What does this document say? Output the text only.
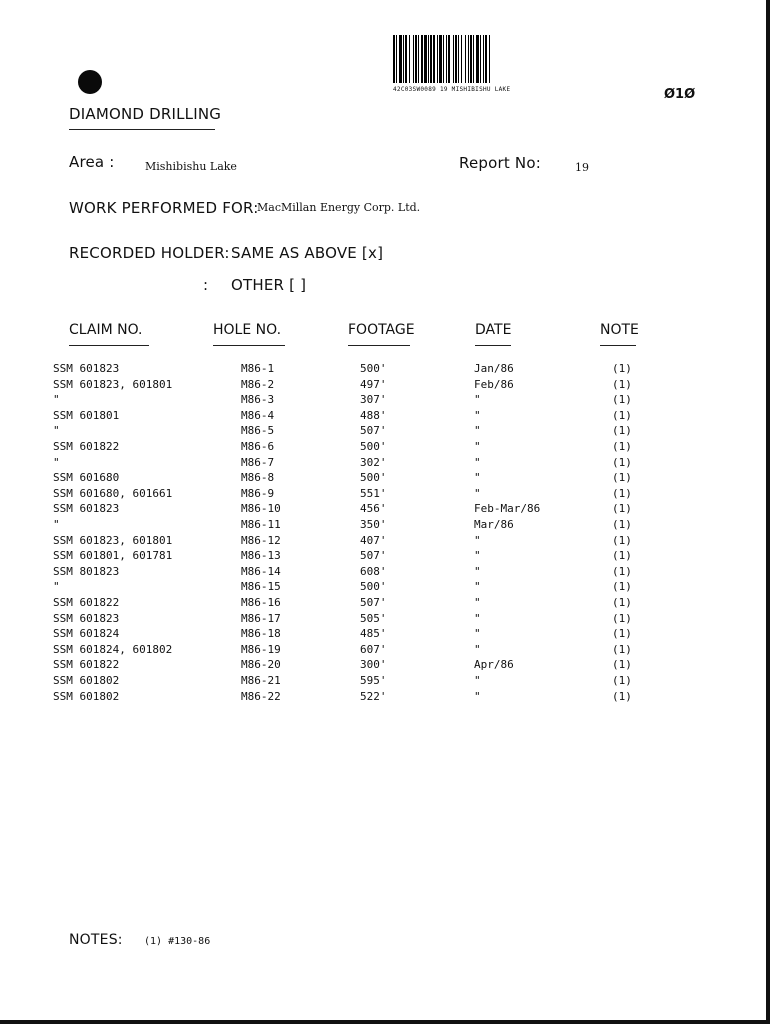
42C03SW0089 19 MISHIBISHU LAKE	Ø1Ø
DIAMOND DRILLING
Area :	Mishibishu Lake	Report No:	19
WORK PERFORMED FOR:
MacMillan Energy Corp. Ltd.
RECORDED HOLDER: SAME AS ABOVE [x]
: OTHER [ ]
CLAIM NO.	HOLE NO.	FOOTAGE	DATE	NOTE
SSM 601823	M86-1	500'	Jan/86	(1)
SSM 601823, 601801	M86-2	497'	Feb/86	(1)
"	M86-3	307'	"	(1)
SSM 601801	M86-4	488'	"	(1)
"	M86-5	507'	"	(1)
SSM 601822	M86-6	500'	"	(1)
"	M86-7	302'	"	(1)
SSM 601680	M86-8	500'	"	(1)
SSM 601680, 601661	M86-9	551'	"	(1)
SSM 601823	M86-10	456'	Feb-Mar/86	(1)
"	M86-11	350'	Mar/86	(1)
SSM 601823, 601801	M86-12	407'	"	(1)
SSM 601801, 601781	M86-13	507'	"	(1)
SSM 801823	M86-14	608'	"	(1)
"	M86-15	500'	"	(1)
SSM 601822	M86-16	507'	"	(1)
SSM 601823	M86-17	505'	"	(1)
SSM 601824	M86-18	485'	"	(1)
SSM 601824, 601802	M86-19	607'	"	(1)
SSM 601822	M86-20	300'	Apr/86	(1)
SSM 601802	M86-21	595'	"	(1)
SSM 601802	M86-22	522'	"	(1)
NOTES: (1) #130-86
